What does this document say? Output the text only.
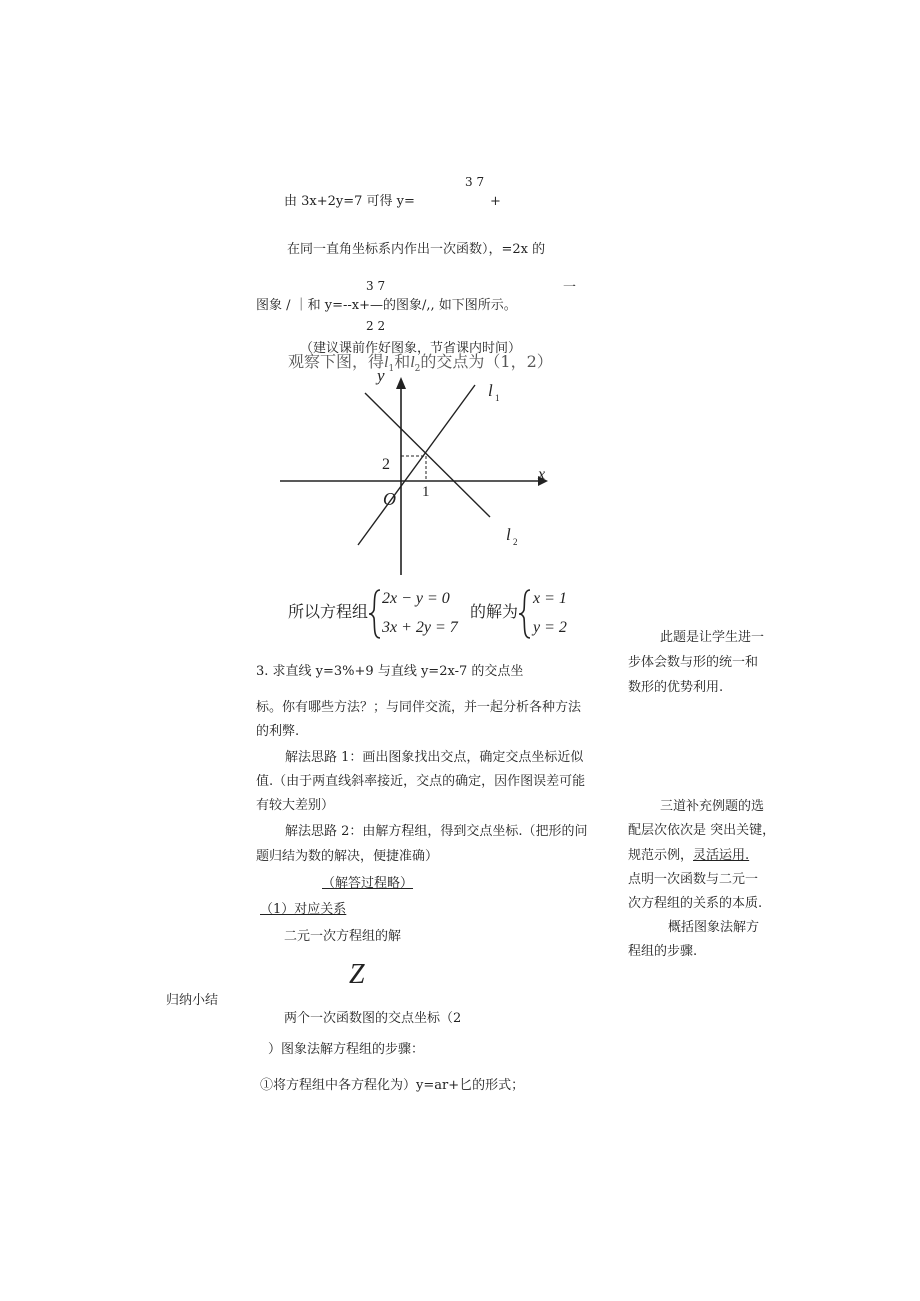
3 7
由 3x+2y=7 可得 y=	+
在同一直角坐标系内作出一次函数），=2x 的
3 7	一
图象 / ｜和 y=--x+—的图象/,, 如下图所示。
2 2
（建议课前作好图象，节省课内时间）
观察下图，得$l_1$和$l_2$的交点为（1，2）
y
x
O
2
1
l 1
l 2
所以方程组
2x − y = 0
3x + 2y = 7
的解为
x = 1
y = 2
3. 求直线 y=3%+9 与直线 y=2x-7 的交点坐
标。你有哪些方法？；与同伴交流，并一起分析各种方法
的利弊.
解法思路 1：画出图象找出交点，确定交点坐标近似
值.（由于两直线斜率接近，交点的确定，因作图误差可能
有较大差别）
解法思路 2：由解方程组，得到交点坐标.（把形的问
题归结为数的解决，便捷准确）
（解答过程略）
（1）对应关系
二元一次方程组的解
Z
归纳小结
两个一次函数图的交点坐标（2
）图象法解方程组的步骤：
①将方程组中各方程化为）y=ar+匕的形式；
此题是让学生进一
步体会数与形的统一和
数形的优势利用.
三道补充例题的选
配层次依次是 突出关键，
规范示例，灵活运用.
点明一次函数与二元一
次方程组的关系的本质.
概括图象法解方
程组的步骤.
